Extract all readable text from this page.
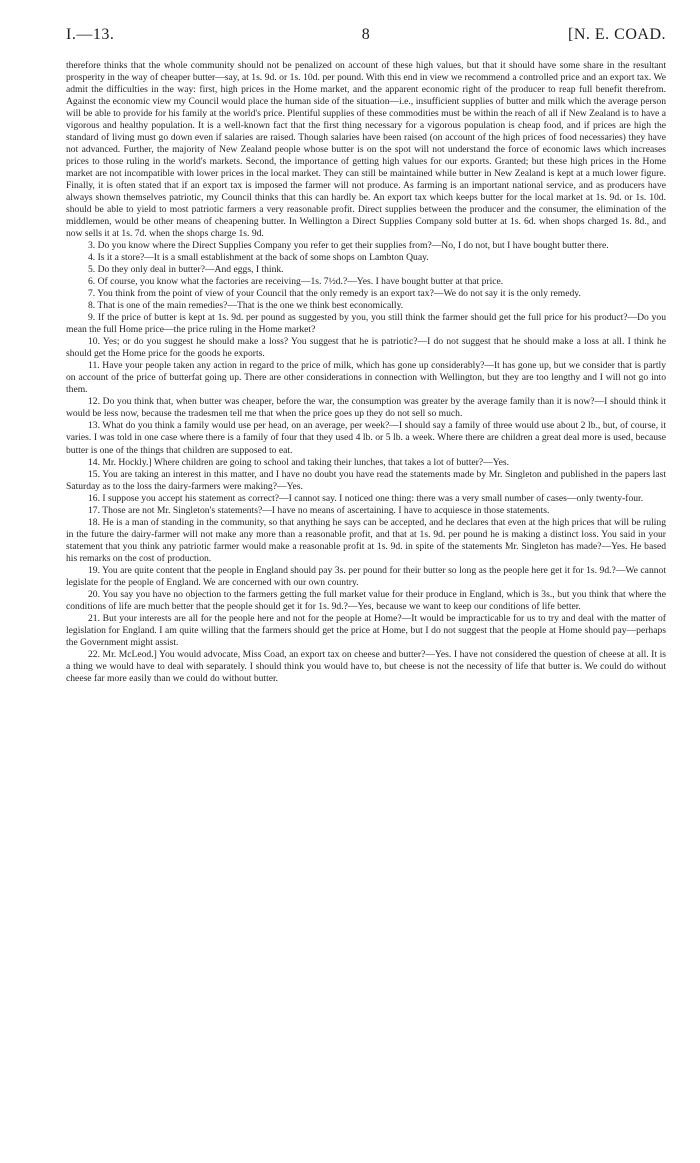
I.—13.	8	[N. E. COAD.

therefore thinks that the whole community should not be penalized on account of these high values, but that it should have some share in the resultant prosperity in the way of cheaper butter—say, at 1s. 9d. or 1s. 10d. per pound. With this end in view we recommend a controlled price and an export tax. We admit the difficulties in the way: first, high prices in the Home market, and the apparent economic right of the producer to reap full benefit therefrom. Against the economic view my Council would place the human side of the situation—i.e., insufficient supplies of butter and milk which the average person will be able to provide for his family at the world's price. Plentiful supplies of these commodities must be within the reach of all if New Zealand is to have a vigorous and healthy population. It is a well-known fact that the first thing necessary for a vigorous population is cheap food, and if prices are high the standard of living must go down even if salaries are raised. Though salaries have been raised (on account of the high prices of food necessaries) they have not advanced. Further, the majority of New Zealand people whose butter is on the spot will not understand the force of economic laws which increases prices to those ruling in the world's markets. Second, the importance of getting high values for our exports. Granted; but these high prices in the Home market are not incompatible with lower prices in the local market. They can still be maintained while butter in New Zealand is kept at a much lower figure. Finally, it is often stated that if an export tax is imposed the farmer will not produce. As farming is an important national service, and as producers have always shown themselves patriotic, my Council thinks that this can hardly be. An export tax which keeps butter for the local market at 1s. 9d. or 1s. 10d. should be able to yield to most patriotic farmers a very reasonable profit. Direct supplies between the producer and the consumer, the elimination of the middlemen, would be other means of cheapening butter. In Wellington a Direct Supplies Company sold butter at 1s. 6d. when shops charged 1s. 8d., and now sells it at 1s. 7d. when the shops charge 1s. 9d.

3. Do you know where the Direct Supplies Company you refer to get their supplies from?—No, I do not, but I have bought butter there.

4. Is it a store?—It is a small establishment at the back of some shops on Lambton Quay.

5. Do they only deal in butter?—And eggs, I think.

6. Of course, you know what the factories are receiving—1s. 7½d.?—Yes. I have bought butter at that price.

7. You think from the point of view of your Council that the only remedy is an export tax?—We do not say it is the only remedy.

8. That is one of the main remedies?—That is the one we think best economically.

9. If the price of butter is kept at 1s. 9d. per pound as suggested by you, you still think the farmer should get the full price for his product?—Do you mean the full Home price—the price ruling in the Home market?

10. Yes; or do you suggest he should make a loss? You suggest that he is patriotic?—I do not suggest that he should make a loss at all. I think he should get the Home price for the goods he exports.

11. Have your people taken any action in regard to the price of milk, which has gone up considerably?—It has gone up, but we consider that is partly on account of the price of butterfat going up. There are other considerations in connection with Wellington, but they are too lengthy and I will not go into them.

12. Do you think that, when butter was cheaper, before the war, the consumption was greater by the average family than it is now?—I should think it would be less now, because the tradesmen tell me that when the price goes up they do not sell so much.

13. What do you think a family would use per head, on an average, per week?—I should say a family of three would use about 2 lb., but, of course, it varies. I was told in one case where there is a family of four that they used 4 lb. or 5 lb. a week. Where there are children a great deal more is used, because butter is one of the things that children are supposed to eat.

14. Mr. Hockly.] Where children are going to school and taking their lunches, that takes a lot of butter?—Yes.

15. You are taking an interest in this matter, and I have no doubt you have read the statements made by Mr. Singleton and published in the papers last Saturday as to the loss the dairy-farmers were making?—Yes.

16. I suppose you accept his statement as correct?—I cannot say. I noticed one thing: there was a very small number of cases—only twenty-four.

17. Those are not Mr. Singleton's statements?—I have no means of ascertaining. I have to acquiesce in those statements.

18. He is a man of standing in the community, so that anything he says can be accepted, and he declares that even at the high prices that will be ruling in the future the dairy-farmer will not make any more than a reasonable profit, and that at 1s. 9d. per pound he is making a distinct loss. You said in your statement that you think any patriotic farmer would make a reasonable profit at 1s. 9d. in spite of the statements Mr. Singleton has made?—Yes. He based his remarks on the cost of production.

19. You are quite content that the people in England should pay 3s. per pound for their butter so long as the people here get it for 1s. 9d.?—We cannot legislate for the people of England. We are concerned with our own country.

20. You say you have no objection to the farmers getting the full market value for their produce in England, which is 3s., but you think that where the conditions of life are much better that the people should get it for 1s. 9d.?—Yes, because we want to keep our conditions of life better.

21. But your interests are all for the people here and not for the people at Home?—It would be impracticable for us to try and deal with the matter of legislation for England. I am quite willing that the farmers should get the price at Home, but I do not suggest that the people at Home should pay—perhaps the Government might assist.

22. Mr. McLeod.] You would advocate, Miss Coad, an export tax on cheese and butter?—Yes. I have not considered the question of cheese at all. It is a thing we would have to deal with separately. I should think you would have to, but cheese is not the necessity of life that butter is. We could do without cheese far more easily than we could do without butter.
